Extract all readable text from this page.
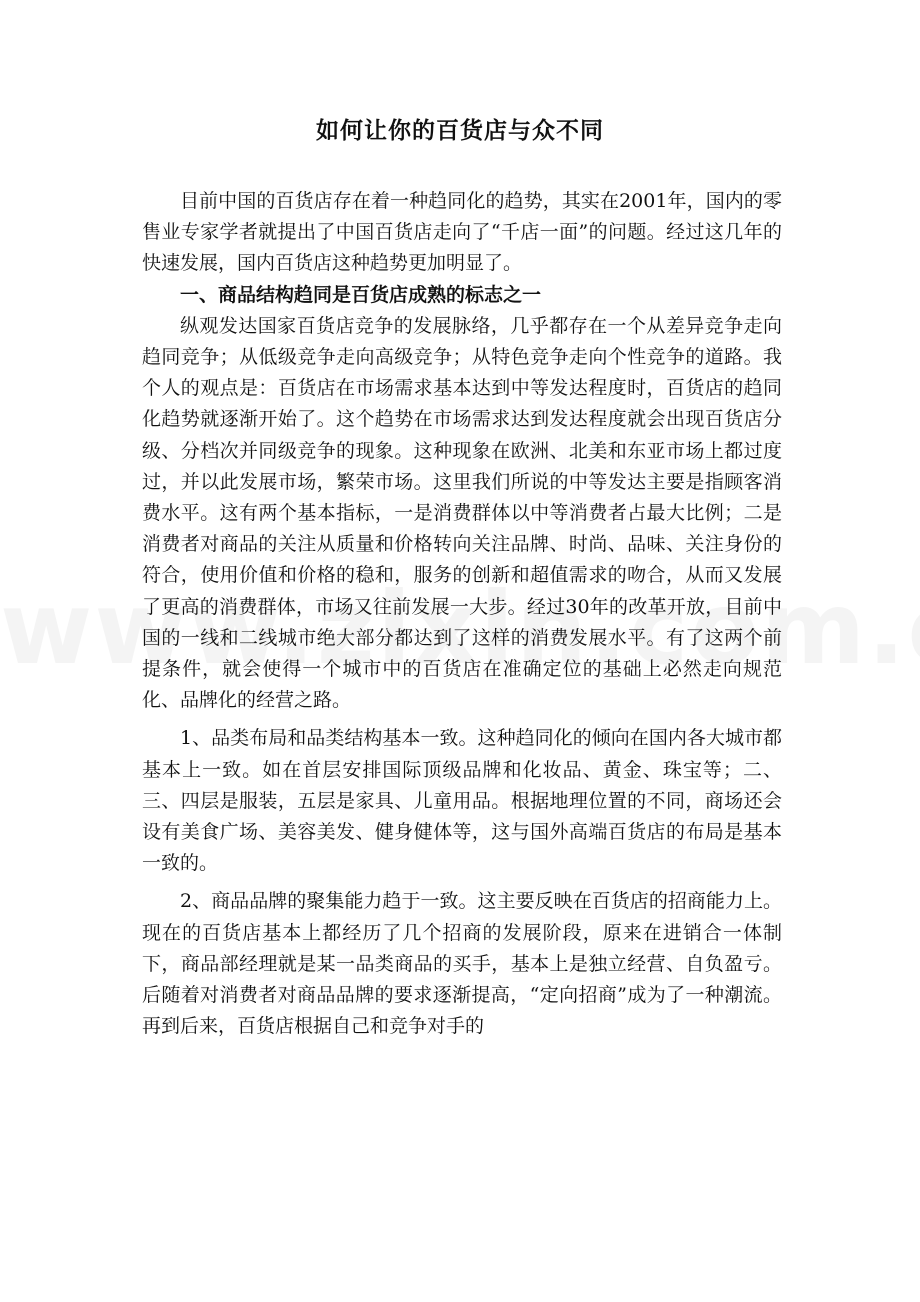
如何让你的百货店与众不同

目前中国的百货店存在着一种趋同化的趋势，其实在2001年，国内的零售业专家学者就提出了中国百货店走向了“千店一面”的问题。经过这几年的快速发展，国内百货店这种趋势更加明显了。

一、商品结构趋同是百货店成熟的标志之一

纵观发达国家百货店竞争的发展脉络，几乎都存在一个从差异竞争走向趋同竞争；从低级竞争走向高级竞争；从特色竞争走向个性竞争的道路。我个人的观点是：百货店在市场需求基本达到中等发达程度时，百货店的趋同化趋势就逐渐开始了。这个趋势在市场需求达到发达程度就会出现百货店分级、分档次并同级竞争的现象。这种现象在欧洲、北美和东亚市场上都过度过，并以此发展市场，繁荣市场。这里我们所说的中等发达主要是指顾客消费水平。这有两个基本指标，一是消费群体以中等消费者占最大比例；二是消费者对商品的关注从质量和价格转向关注品牌、时尚、品味、关注身份的符合，使用价值和价格的稳和，服务的创新和超值需求的吻合，从而又发展了更高的消费群体，市场又往前发展一大步。经过30年的改革开放，目前中国的一线和二线城市绝大部分都达到了这样的消费发展水平。有了这两个前提条件，就会使得一个城市中的百货店在准确定位的基础上必然走向规范化、品牌化的经营之路。

1、品类布局和品类结构基本一致。这种趋同化的倾向在国内各大城市都基本上一致。如在首层安排国际顶级品牌和化妆品、黄金、珠宝等；二、三、四层是服装，五层是家具、儿童用品。根据地理位置的不同，商场还会设有美食广场、美容美发、健身健体等，这与国外高端百货店的布局是基本一致的。

2、商品品牌的聚集能力趋于一致。这主要反映在百货店的招商能力上。现在的百货店基本上都经历了几个招商的发展阶段，原来在进销合一体制下，商品部经理就是某一品类商品的买手，基本上是独立经营、自负盈亏。后随着对消费者对商品品牌的要求逐渐提高，“定向招商”成为了一种潮流。再到后来，百货店根据自己和竞争对手的
